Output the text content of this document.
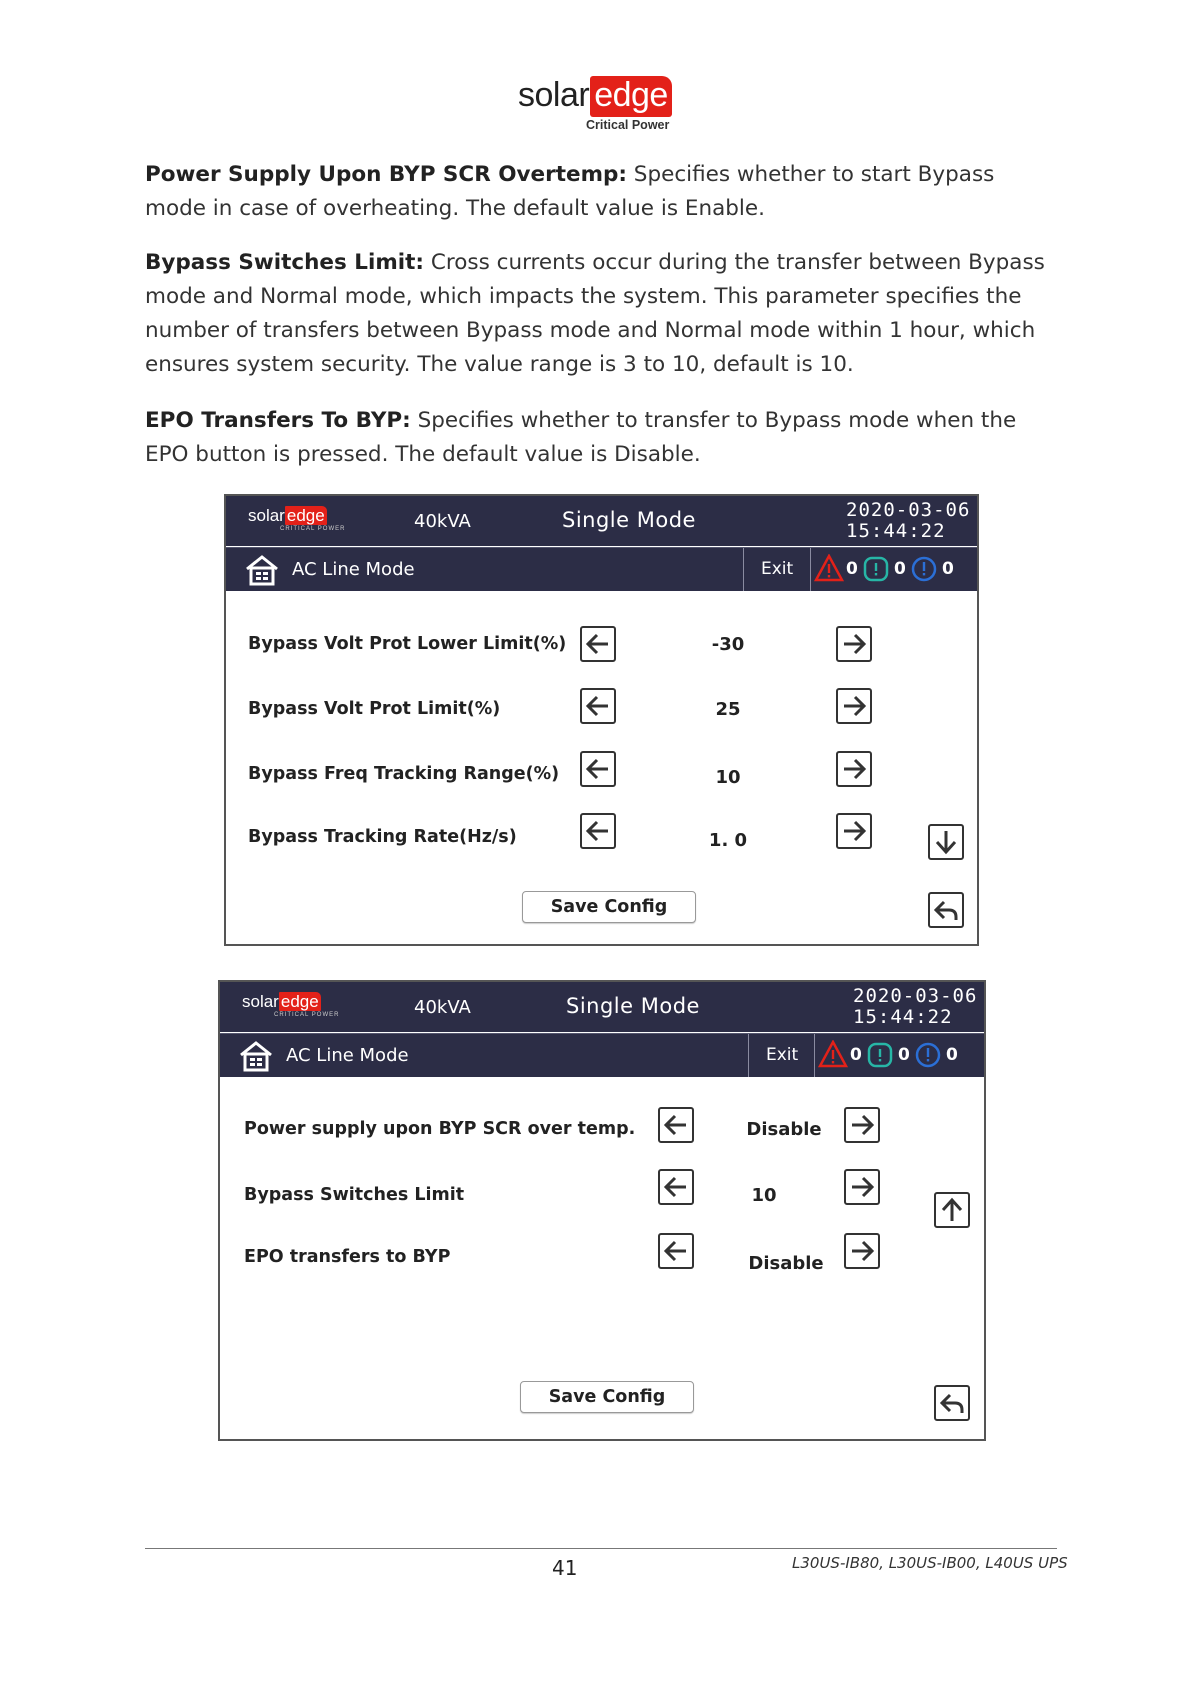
solar edge
Critical Power
Power Supply Upon BYP SCR Overtemp: Specifies whether to start Bypass mode in case of overheating. The default value is Enable.
Bypass Switches Limit: Cross currents occur during the transfer between Bypass mode and Normal mode, which impacts the system. This parameter specifies the number of transfers between Bypass mode and Normal mode within 1 hour, which ensures system security. The value range is 3 to 10, default is 10.
EPO Transfers To BYP: Specifies whether to transfer to Bypass mode when the EPO button is pressed. The default value is Disable.
solar edge
CRITICAL POWER	40kVA	Single Mode	2020-03-06
15:44:22
AC Line Mode	Exit	0 0 0
Bypass Volt Prot Lower Limit(%)	-30
Bypass Volt Prot Limit(%)	25
Bypass Freq Tracking Range(%)	10
Bypass Tracking Rate(Hz/s)	1. 0
Save Config
solar edge
CRITICAL POWER	40kVA	Single Mode	2020-03-06
15:44:22
AC Line Mode	Exit	0 0 0
Power supply upon BYP SCR over temp.	Disable
Bypass Switches Limit	10
EPO transfers to BYP	Disable
Save Config
41	L30US-IB80, L30US-IB00, L40US UPS
